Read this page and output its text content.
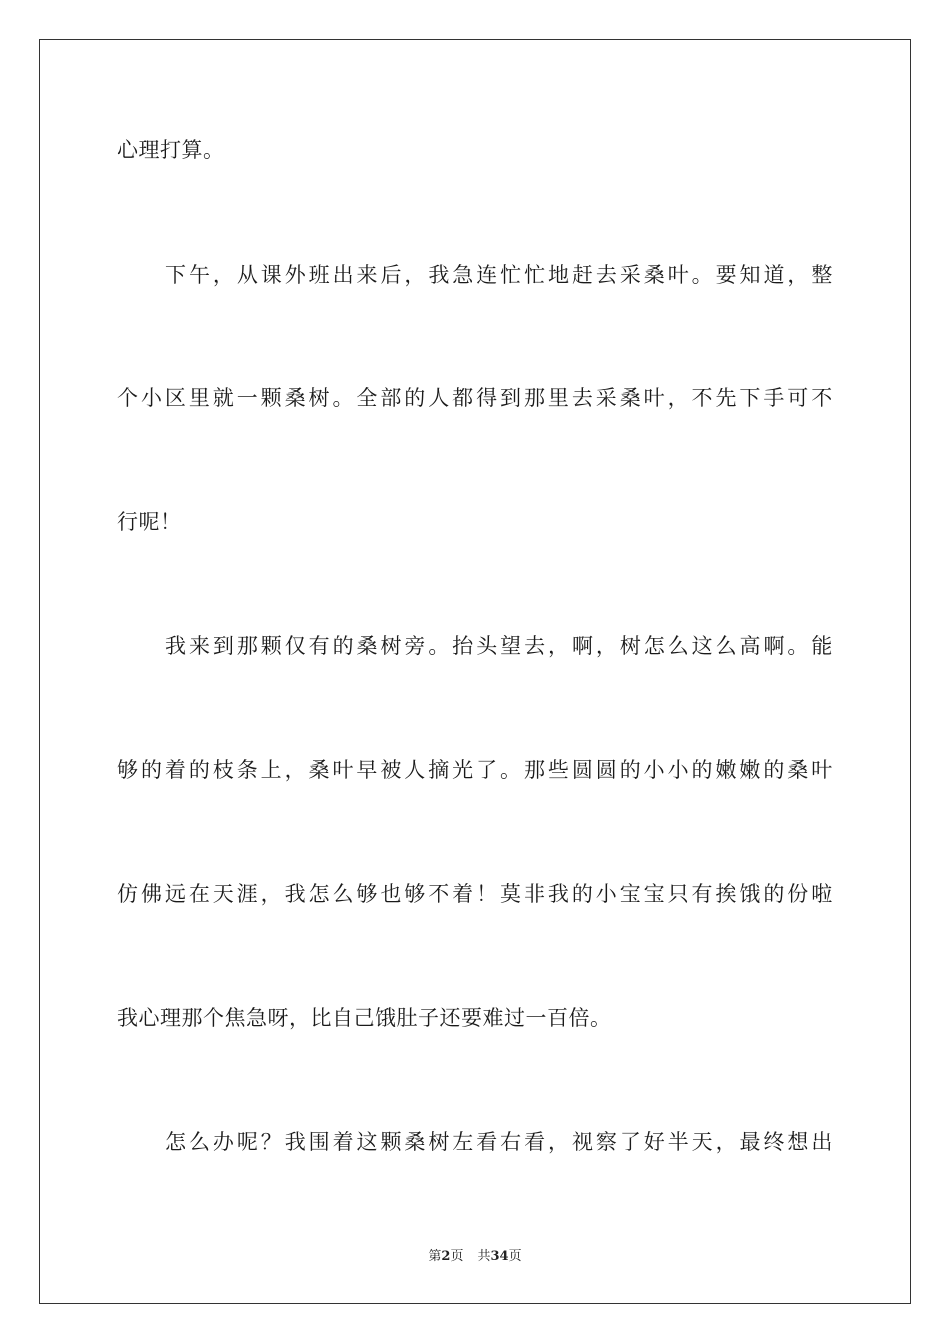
心理打算。
下 午 ， 从 课 外 班 出 来 后 ， 我 急 连 忙 忙 地 赶 去 采 桑 叶 。 要 知 道 ， 整
个 小 区 里 就 一 颗 桑 树 。 全 部 的 人 都 得 到 那 里 去 采 桑 叶 ， 不 先 下 手 可 不
行呢！
我 来 到 那 颗 仅 有 的 桑 树 旁 。 抬 头 望 去 ， 啊 ， 树 怎 么 这 么 高 啊 。 能
够 的 着 的 枝 条 上 ， 桑 叶 早 被 人 摘 光 了 。 那 些 圆 圆 的 小 小 的 嫩 嫩 的 桑 叶
仿 佛 远 在 天 涯 ， 我 怎 么 够 也 够 不 着 ！ 莫 非 我 的 小 宝 宝 只 有 挨 饿 的 份 啦
我心理那个焦急呀，比自己饿肚子还要难过一百倍。
怎 么 办 呢 ？ 我 围 着 这 颗 桑 树 左 看 右 看 ， 视 察 了 好 半 天 ， 最 终 想 出
第2页 共34页
